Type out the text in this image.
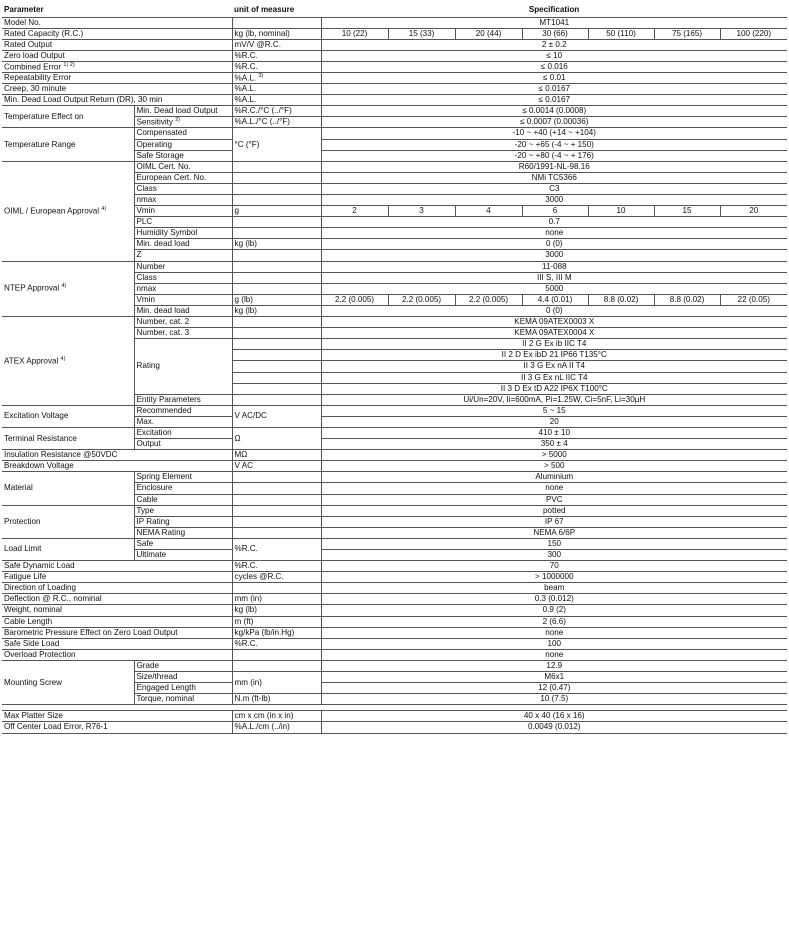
Parameter		unit of measure	Specification						
Model No.			MT1041						
Rated Capacity (R.C.)		kg (lb, nominal)	10 (22)	15 (33)	20 (44)	30 (66)	50 (110)	75 (165)	100 (220)
Rated Output		mV/V @R.C.	2 ± 0.2						
Zero load Output		%R.C.	≤ 10						
Combined Error $^{1) 2)}$		%R.C.	≤ 0.016						
Repeatability Error		%A.L. $^{3)}$	≤ 0.01						
Creep, 30 minute		%A.L.	≤ 0.0167						
Min. Dead Load Output Return (DR), 30 min		%A.L.	≤ 0.0167						
Temperature Effect on	Min. Dead load Output	%R.C./°C (../°F)	≤ 0.0014 (0.0008)						
	Sensitivity $^{2)}$	%A.L./°C (../°F)	≤ 0.0007 (0.00036)						
Temperature Range	Compensated	°C (°F)	-10 ~ +40 (+14 ~ +104)						
	Operating		-20 ~ +65 (-4 ~ + 150)						
	Safe Storage		-20 ~ +80 (-4 ~ + 176)						
OIML / European Approval $^{4)}$	OIML Cert. No.		R60/1991-NL-98.16						
	European Cert. No.		NMi TC5366						
	Class		C3						
	nmax		3000						
	Vmin	g	2	3	4	6	10	15	20
	PLC		0.7						
	Humidity Symbol		none						
	Min. dead load	kg (lb)	0 (0)						
	Z		3000						
NTEP Approval $^{4)}$	Number		11-088						
	Class		III S, III M						
	nmax		5000						
	Vmin	g (lb)	2.2 (0.005)	2.2 (0.005)	2.2 (0.005)	4.4 (0.01)	8.8 (0.02)	8.8 (0.02)	22 (0.05)
	Min. dead load	kg (lb)	0 (0)						
ATEX Approval $^{4)}$	Number, cat. 2		KEMA 09ATEX0003 X						
	Number, cat. 3		KEMA 09ATEX0004 X						
	Rating		II 2 G Ex ib IIC T4						
			II 2 D Ex ibD 21 IP66 T135°C						
			II 3 G Ex nA II T4						
			II 3 G Ex nL IIC T4						
			II 3 D Ex tD A22 IP6X T100°C						
	Entity Parameters		Ui/Un=20V, Ii=600mA, Pi=1.25W, Ci=5nF, Li=30µH						
Excitation Voltage	Recommended	V AC/DC	5 ~ 15						
	Max.		20						
Terminal Resistance	Excitation	Ω	410 ± 10						
	Output		350 ± 4						
Insulation Resistance @50VDC		MΩ	> 5000						
Breakdown Voltage		V AC	> 500						
Material	Spring Element		Aluminium						
	Enclosure		none						
	Cable		PVC						
Protection	Type		potted						
	IP Rating		IP 67						
	NEMA Rating		NEMA 6/6P						
Load Limit	Safe	%R.C.	150						
	Ultimate		300						
Safe Dynamic Load		%R.C.	70						
Fatigue Life		cycles @R.C.	> 1000000						
Direction of Loading			beam						
Deflection @ R.C., nominal		mm (in)	0.3 (0.012)						
Weight, nominal		kg (lb)	0.9 (2)						
Cable Length		m (ft)	2 (6.6)						
Barometric Pressure Effect on Zero Load Output		kg/kPa (lb/in.Hg)	none						
Safe Side Load		%R.C.	100						
Overload Protection			none						
Mounting Screw	Grade		12.9						
	Size/thread	mm (in)	M6x1						
	Engaged Length		12 (0.47)						
	Torque, nominal	N.m (ft-lb)	10 (7.5)						

Max Platter Size		cm x cm (in x in)	40 x 40 (16 x 16)						
Off Center Load Error, R76-1		%A.L./cm (../in)	0.0049 (0.012)						
